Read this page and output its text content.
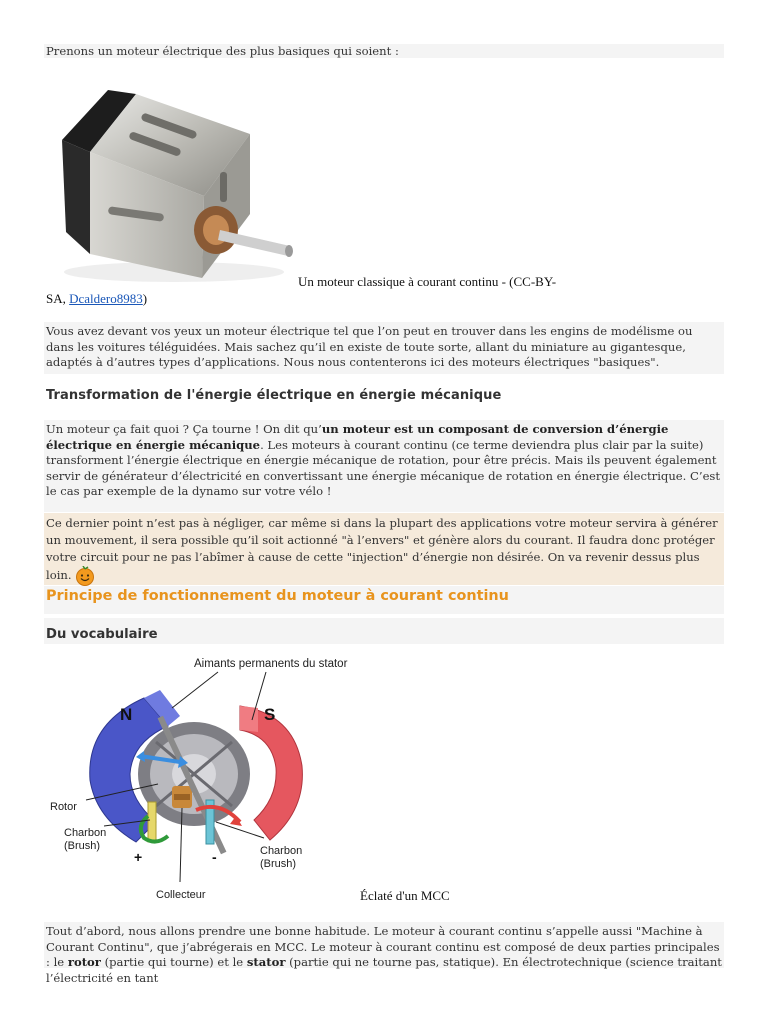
Prenons un moteur électrique des plus basiques qui soient :
Un moteur classique à courant continu - (CC-BY-
SA, Dcaldero8983)
Vous avez devant vos yeux un moteur électrique tel que l’on peut en trouver dans les engins de modélisme ou dans les voitures téléguidées. Mais sachez qu’il en existe de toute sorte, allant du miniature au gigantesque, adaptés à d’autres types d’applications. Nous nous contenterons ici des moteurs électriques "basiques".
Transformation de l'énergie électrique en énergie mécanique
Un moteur ça fait quoi ? Ça tourne ! On dit qu’un moteur est un composant de conversion d’énergie électrique en énergie mécanique. Les moteurs à courant continu (ce terme deviendra plus clair par la suite) transforment l’énergie électrique en énergie mécanique de rotation, pour être précis. Mais ils peuvent également servir de générateur d’électricité en convertissant une énergie mécanique de rotation en énergie électrique. C’est le cas par exemple de la dynamo sur votre vélo !
Ce dernier point n’est pas à négliger, car même si dans la plupart des applications votre moteur servira à générer un mouvement, il sera possible qu’il soit actionné "à l’envers" et génère alors du courant. Il faudra donc protéger votre circuit pour ne pas l’abîmer à cause de cette "injection" d’énergie non désirée. On va revenir dessus plus loin.
Principe de fonctionnement du moteur à courant continu
Du vocabulaire
Aimants permanents du stator
N	S
Rotor
Charbon
(Brush)
+	-	Charbon
(Brush)
Collecteur	Éclaté d'un MCC
Tout d’abord, nous allons prendre une bonne habitude. Le moteur à courant continu s’appelle aussi "Machine à Courant Continu", que j’abrégerais en MCC. Le moteur à courant continu est composé de deux parties principales : le rotor (partie qui tourne) et le stator (partie qui ne tourne pas, statique). En électrotechnique (science traitant l’électricité en tant
